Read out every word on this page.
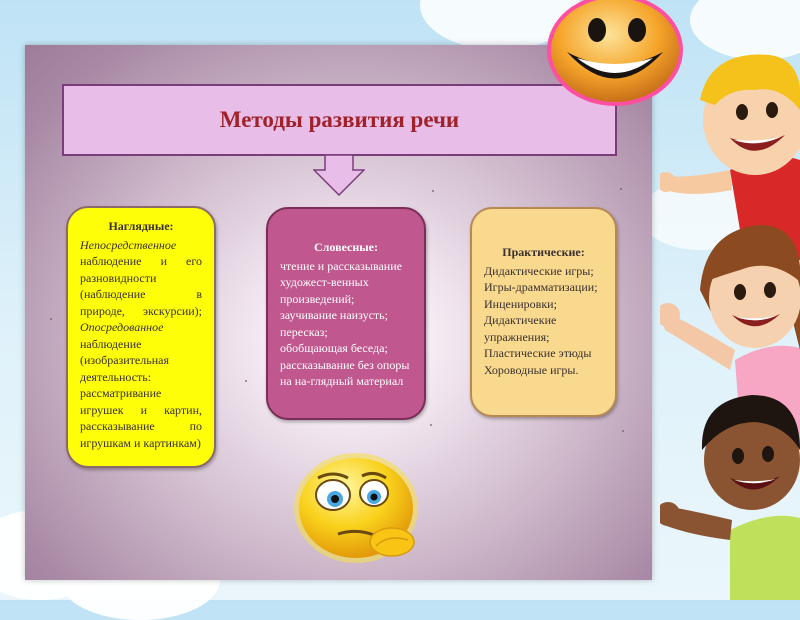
Методы развития речи
Наглядные:
Непосредственное
наблюдение и его
разновидности
(наблюдение в
природе, экскурсии);
Опосредованное
наблюдение
(изобразительная
деятельность:
рассматривание
игрушек и картин,
рассказывание по
игрушкам и картинкам)
Словесные:
чтение и рассказывание
художест-венных
произведений;
заучивание наизусть;
пересказ;
обобщающая беседа;
рассказывание без опоры
на на-глядный материал
Практические:
Дидактические игры;
Игры-драмматизации;
Инценировки;
Дидактичекие
упражнения;
Пластические этюды
Хороводные игры.
